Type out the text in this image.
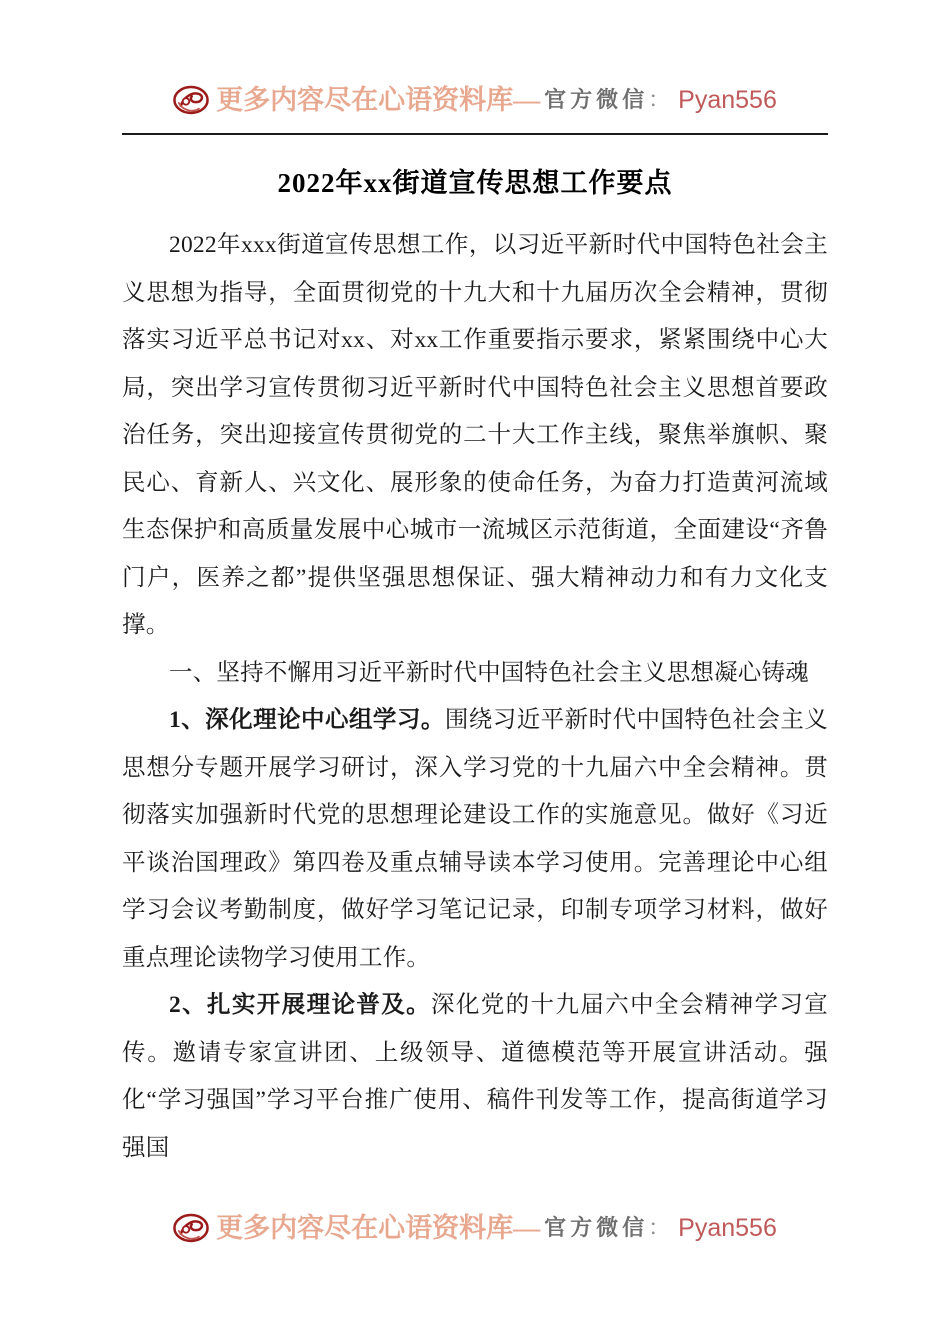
更多内容尽在心语资料库 — 官方微信 ： Pyan556
2022年xx街道宣传思想工作要点

2022年xxx街道宣传思想工作，以习近平新时代中国特色社会主义思想为指导，全面贯彻党的十九大和十九届历次全会精神，贯彻落实习近平总书记对xx、对xx工作重要指示要求，紧紧围绕中心大局，突出学习宣传贯彻习近平新时代中国特色社会主义思想首要政治任务，突出迎接宣传贯彻党的二十大工作主线，聚焦举旗帜、聚民心、育新人、兴文化、展形象的使命任务，为奋力打造黄河流域生态保护和高质量发展中心城市一流城区示范街道，全面建设“齐鲁门户，医养之都”提供坚强思想保证、强大精神动力和有力文化支撑。

一、坚持不懈用习近平新时代中国特色社会主义思想凝心铸魂

1、深化理论中心组学习。围绕习近平新时代中国特色社会主义思想分专题开展学习研讨，深入学习党的十九届六中全会精神。贯彻落实加强新时代党的思想理论建设工作的实施意见。做好《习近平谈治国理政》第四卷及重点辅导读本学习使用。完善理论中心组学习会议考勤制度，做好学习笔记记录，印制专项学习材料，做好重点理论读物学习使用工作。

2、扎实开展理论普及。深化党的十九届六中全会精神学习宣传。邀请专家宣讲团、上级领导、道德模范等开展宣讲活动。强化“学习强国”学习平台推广使用、稿件刊发等工作，提高街道学习强国

更多内容尽在心语资料库 — 官方微信 ： Pyan556
